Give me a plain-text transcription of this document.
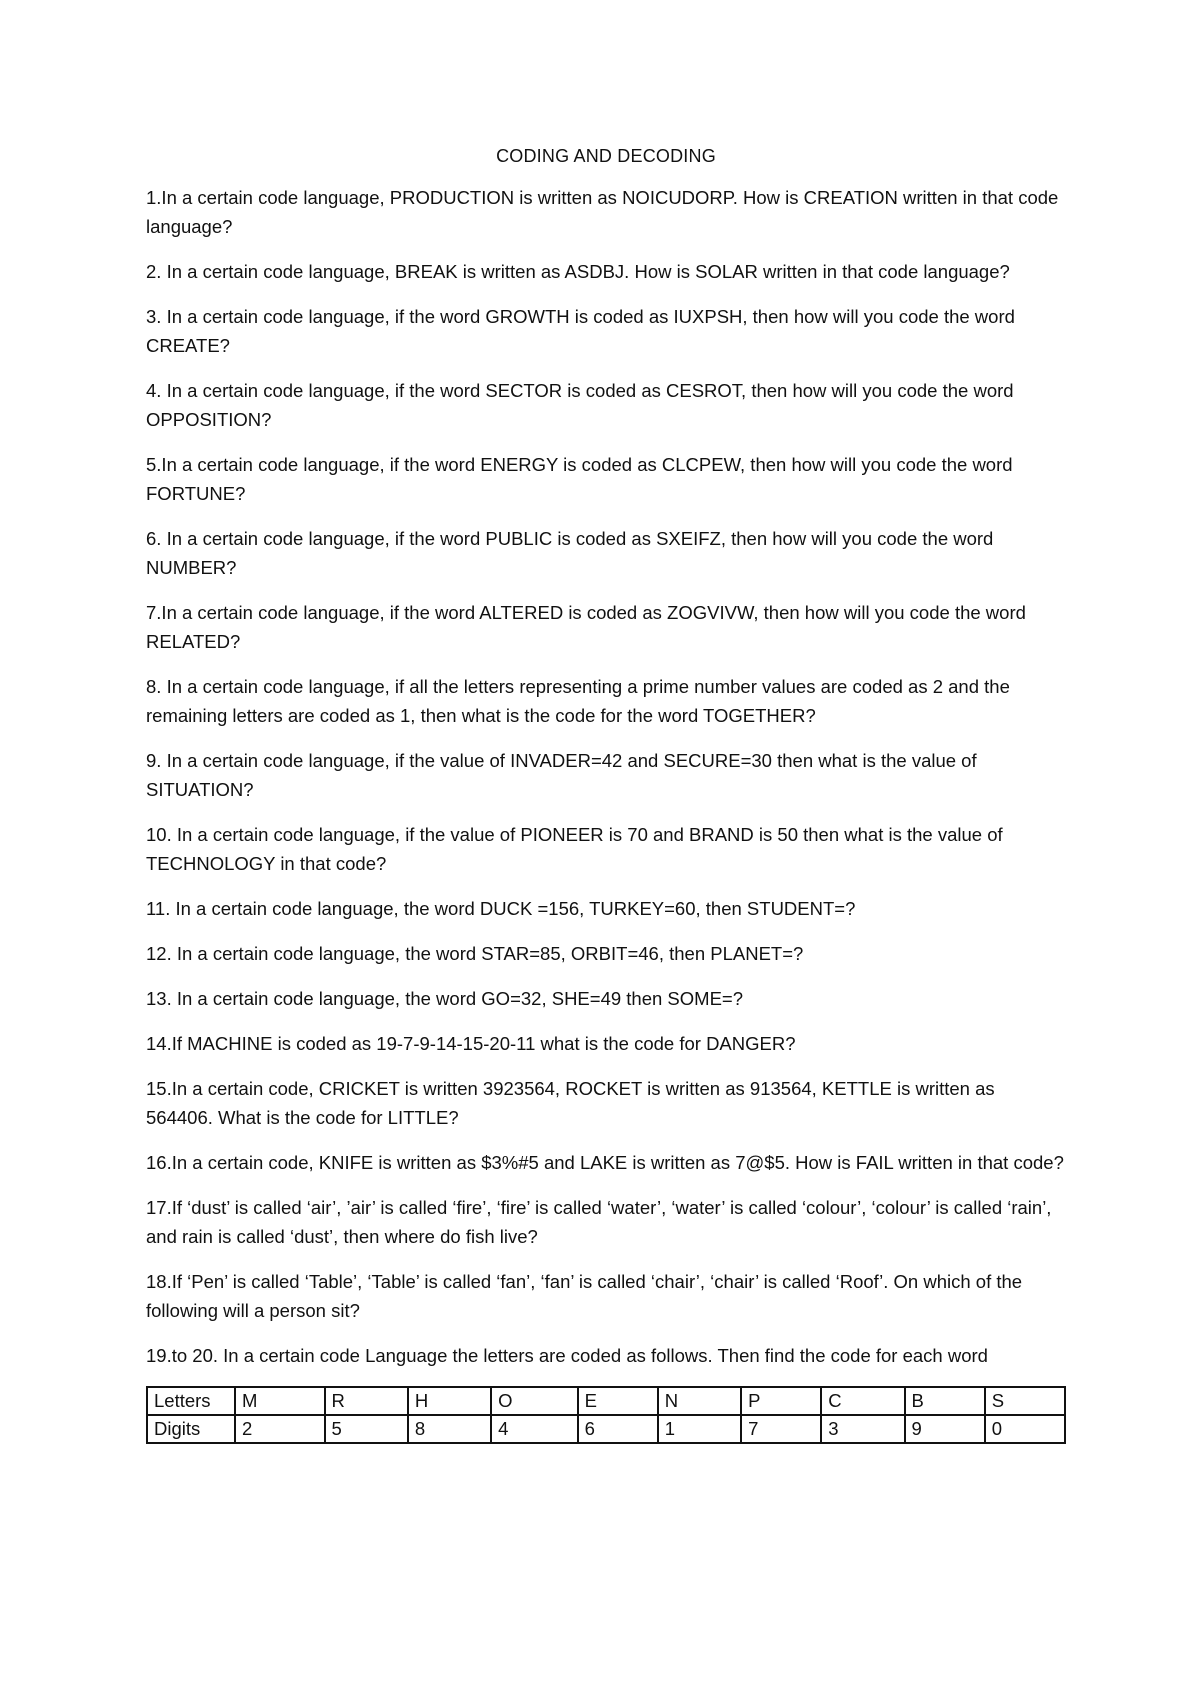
CODING AND DECODING
1.In a certain code language, PRODUCTION is written as NOICUDORP. How is CREATION written in that code language?
2. In a certain code language, BREAK is written as ASDBJ. How is SOLAR written in that code language?
3. In a certain code language, if the word GROWTH is coded as IUXPSH, then how will you code the word CREATE?
4. In a certain code language, if the word SECTOR is coded as CESROT, then how will you code the word OPPOSITION?
5.In a certain code language, if the word ENERGY is coded as CLCPEW, then how will you code the word FORTUNE?
6. In a certain code language, if the word PUBLIC is coded as SXEIFZ, then how will you code the word NUMBER?
7.In a certain code language, if the word ALTERED is coded as ZOGVIVW, then how will you code the word RELATED?
8. In a certain code language, if all the letters representing a prime number values are coded as 2 and the remaining letters are coded as 1, then what is the code for the word TOGETHER?
9. In a certain code language, if the value of INVADER=42 and SECURE=30 then what is the value of SITUATION?
10. In a certain code language, if the value of PIONEER is 70 and BRAND is 50 then what is the value of TECHNOLOGY in that code?
11. In a certain code language, the word DUCK =156, TURKEY=60, then STUDENT=?
12. In a certain code language, the word STAR=85, ORBIT=46, then PLANET=?
13. In a certain code language, the word GO=32, SHE=49 then SOME=?
14.If MACHINE is coded as 19-7-9-14-15-20-11 what is the code for DANGER?
15.In a certain code, CRICKET is written 3923564, ROCKET is written as 913564, KETTLE is written as 564406. What is the code for LITTLE?
16.In a certain code, KNIFE is written as $3%#5 and LAKE is written as 7@$5. How is FAIL written in that code?
17.If ‘dust’ is called ‘air’, ’air’ is called ‘fire’, ‘fire’ is called ‘water’, ‘water’ is called ‘colour’, ‘colour’ is called ‘rain’, and rain is called ‘dust’, then where do fish live?
18.If ‘Pen’ is called ‘Table’, ‘Table’ is called ‘fan’, ‘fan’ is called ‘chair’, ‘chair’ is called ‘Roof’. On which of the following will a person sit?
19.to 20. In a certain code Language the letters are coded as follows. Then find the code for each word
Letters	M	R	H	O	E	N	P	C	B	S
Digits	2	5	8	4	6	1	7	3	9	0
